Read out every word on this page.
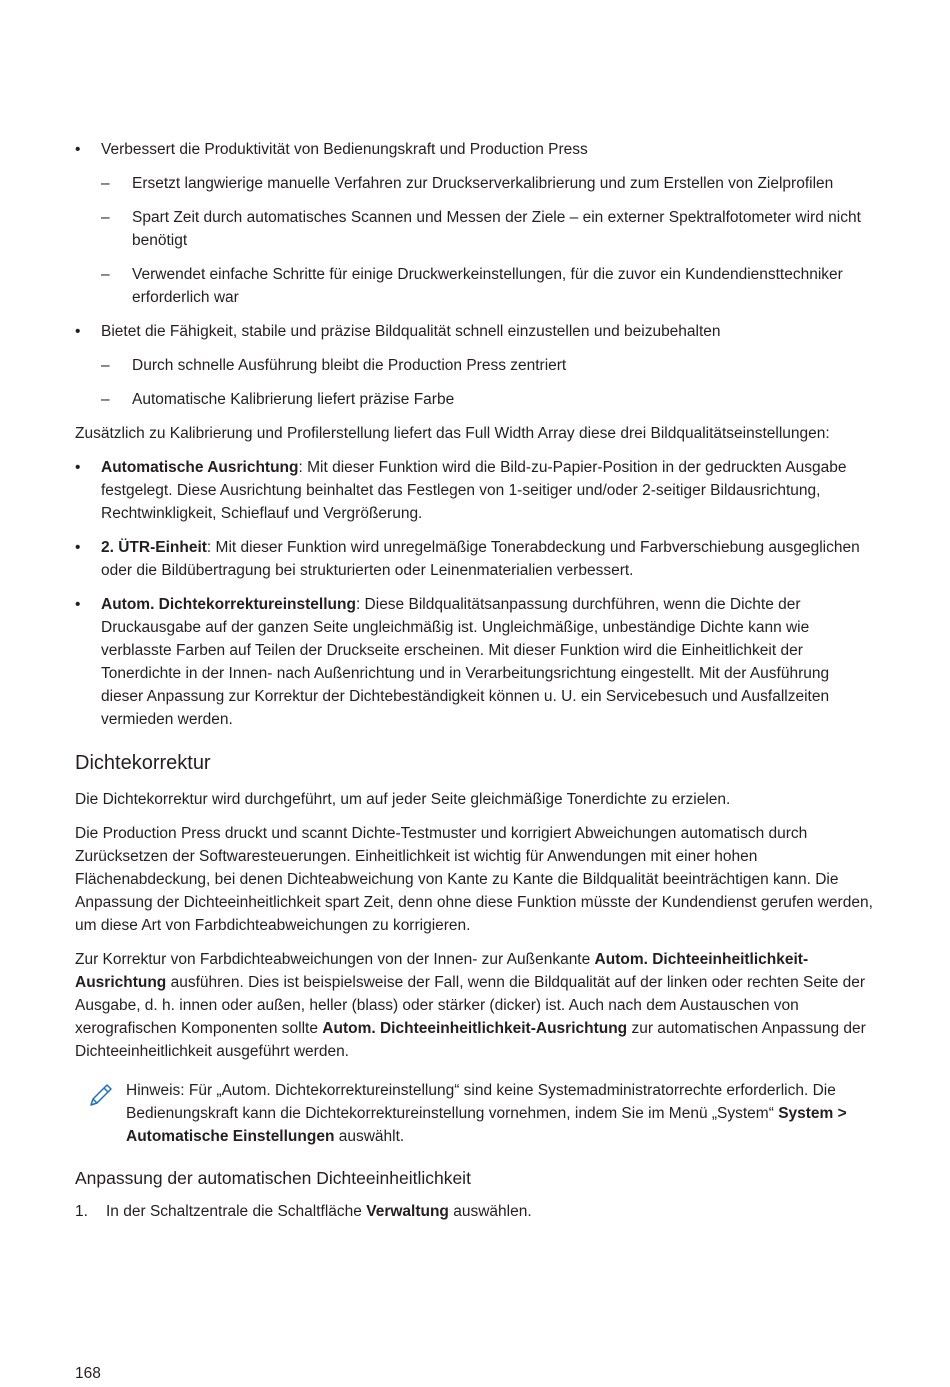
• Verbessert die Produktivität von Bedienungskraft und Production Press
– Ersetzt langwierige manuelle Verfahren zur Druckserverkalibrierung und zum Erstellen von Zielprofilen
– Spart Zeit durch automatisches Scannen und Messen der Ziele – ein externer Spektralfotometer wird nicht benötigt
– Verwendet einfache Schritte für einige Druckwerkeinstellungen, für die zuvor ein Kundendiensttechniker erforderlich war
• Bietet die Fähigkeit, stabile und präzise Bildqualität schnell einzustellen und beizubehalten
– Durch schnelle Ausführung bleibt die Production Press zentriert
– Automatische Kalibrierung liefert präzise Farbe

Zusätzlich zu Kalibrierung und Profilerstellung liefert das Full Width Array diese drei Bildqualitätseinstellungen:

• Automatische Ausrichtung: Mit dieser Funktion wird die Bild-zu-Papier-Position in der gedruckten Ausgabe festgelegt. Diese Ausrichtung beinhaltet das Festlegen von 1-seitiger und/oder 2-seitiger Bildausrichtung, Rechtwinkligkeit, Schieflauf und Vergrößerung.
• 2. ÜTR-Einheit: Mit dieser Funktion wird unregelmäßige Tonerabdeckung und Farbverschiebung ausgeglichen oder die Bildübertragung bei strukturierten oder Leinenmaterialien verbessert.
• Autom. Dichtekorrektureinstellung: Diese Bildqualitätsanpassung durchführen, wenn die Dichte der Druckausgabe auf der ganzen Seite ungleichmäßig ist. Ungleichmäßige, unbeständige Dichte kann wie verblasste Farben auf Teilen der Druckseite erscheinen. Mit dieser Funktion wird die Einheitlichkeit der Tonerdichte in der Innen- nach Außenrichtung und in Verarbeitungsrichtung eingestellt. Mit der Ausführung dieser Anpassung zur Korrektur der Dichtebeständigkeit können u. U. ein Servicebesuch und Ausfallzeiten vermieden werden.
Dichtekorrektur

Die Dichtekorrektur wird durchgeführt, um auf jeder Seite gleichmäßige Tonerdichte zu erzielen.

Die Production Press druckt und scannt Dichte-Testmuster und korrigiert Abweichungen automatisch durch Zurücksetzen der Softwaresteuerungen. Einheitlichkeit ist wichtig für Anwendungen mit einer hohen Flächenabdeckung, bei denen Dichteabweichung von Kante zu Kante die Bildqualität beeinträchtigen kann. Die Anpassung der Dichteeinheitlichkeit spart Zeit, denn ohne diese Funktion müsste der Kundendienst gerufen werden, um diese Art von Farbdichteabweichungen zu korrigieren.

Zur Korrektur von Farbdichteabweichungen von der Innen- zur Außenkante Autom. Dichteeinheitlichkeit-Ausrichtung ausführen. Dies ist beispielsweise der Fall, wenn die Bildqualität auf der linken oder rechten Seite der Ausgabe, d. h. innen oder außen, heller (blass) oder stärker (dicker) ist. Auch nach dem Austauschen von xerografischen Komponenten sollte Autom. Dichteeinheitlichkeit-Ausrichtung zur automatischen Anpassung der Dichteeinheitlichkeit ausgeführt werden.

Hinweis: Für „Autom. Dichtekorrektureinstellung“ sind keine Systemadministratorrechte erforderlich. Die Bedienungskraft kann die Dichtekorrektureinstellung vornehmen, indem Sie im Menü „System“ System > Automatische Einstellungen auswählt.
Anpassung der automatischen Dichteeinheitlichkeit
1. In der Schaltzentrale die Schaltfläche Verwaltung auswählen.
168
